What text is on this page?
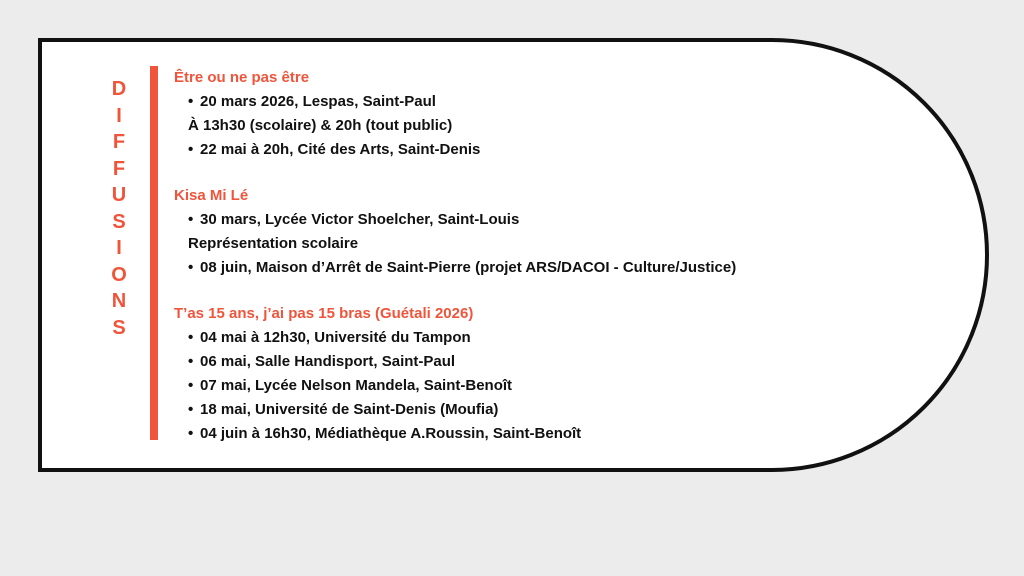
D
I
F
F
U
S
I
O
N
S
Être ou ne pas être
• 20 mars 2026, Lespas, Saint-Paul
À 13h30 (scolaire) & 20h (tout public)
• 22 mai à 20h, Cité des Arts, Saint-Denis
Kisa Mi Lé
• 30 mars, Lycée Victor Shoelcher, Saint-Louis
Représentation scolaire
• 08 juin, Maison d’Arrêt de Saint-Pierre (projet ARS/DACOI - Culture/Justice)
T’as 15 ans, j’ai pas 15 bras (Guétali 2026)
• 04 mai à 12h30, Université du Tampon
• 06 mai, Salle Handisport, Saint-Paul
• 07 mai, Lycée Nelson Mandela, Saint-Benoît
• 18 mai, Université de Saint-Denis (Moufia)
• 04 juin à 16h30, Médiathèque A.Roussin, Saint-Benoît
